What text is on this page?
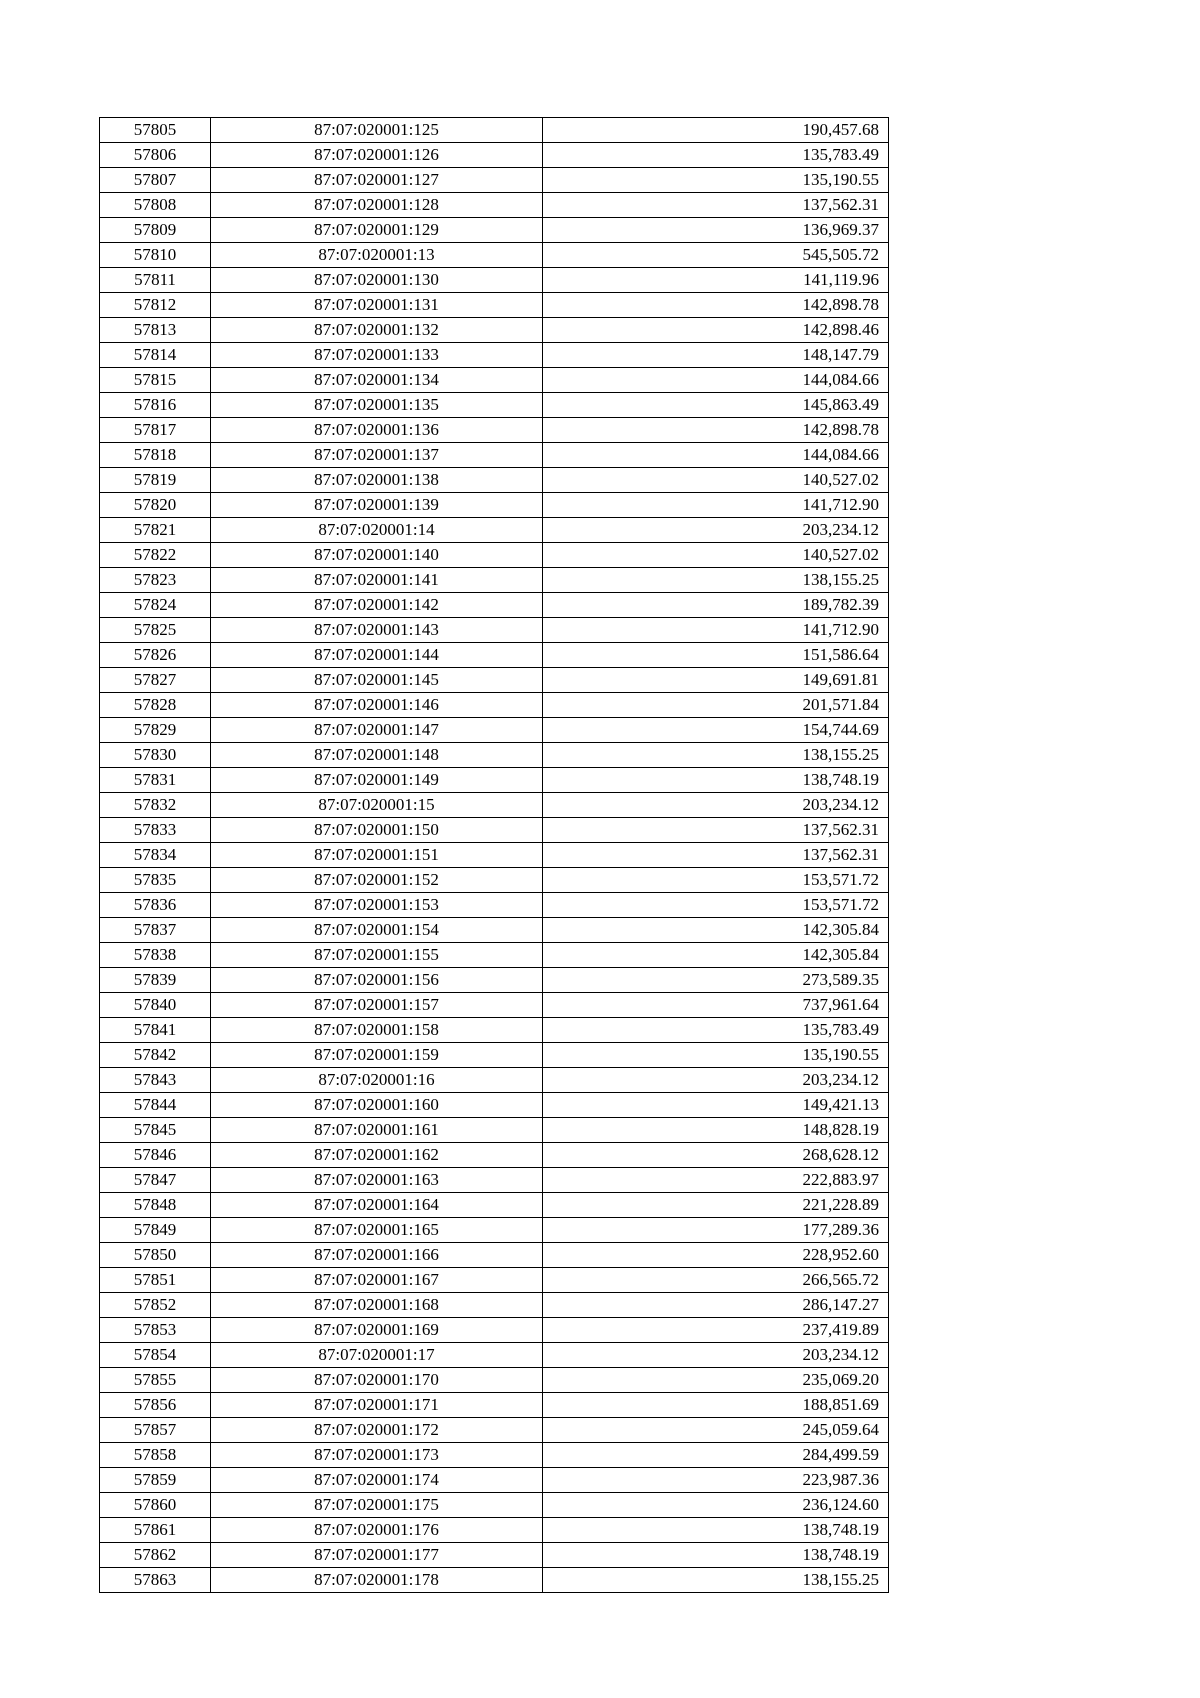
57805	87:07:020001:125	190,457.68
57806	87:07:020001:126	135,783.49
57807	87:07:020001:127	135,190.55
57808	87:07:020001:128	137,562.31
57809	87:07:020001:129	136,969.37
57810	87:07:020001:13	545,505.72
57811	87:07:020001:130	141,119.96
57812	87:07:020001:131	142,898.78
57813	87:07:020001:132	142,898.46
57814	87:07:020001:133	148,147.79
57815	87:07:020001:134	144,084.66
57816	87:07:020001:135	145,863.49
57817	87:07:020001:136	142,898.78
57818	87:07:020001:137	144,084.66
57819	87:07:020001:138	140,527.02
57820	87:07:020001:139	141,712.90
57821	87:07:020001:14	203,234.12
57822	87:07:020001:140	140,527.02
57823	87:07:020001:141	138,155.25
57824	87:07:020001:142	189,782.39
57825	87:07:020001:143	141,712.90
57826	87:07:020001:144	151,586.64
57827	87:07:020001:145	149,691.81
57828	87:07:020001:146	201,571.84
57829	87:07:020001:147	154,744.69
57830	87:07:020001:148	138,155.25
57831	87:07:020001:149	138,748.19
57832	87:07:020001:15	203,234.12
57833	87:07:020001:150	137,562.31
57834	87:07:020001:151	137,562.31
57835	87:07:020001:152	153,571.72
57836	87:07:020001:153	153,571.72
57837	87:07:020001:154	142,305.84
57838	87:07:020001:155	142,305.84
57839	87:07:020001:156	273,589.35
57840	87:07:020001:157	737,961.64
57841	87:07:020001:158	135,783.49
57842	87:07:020001:159	135,190.55
57843	87:07:020001:16	203,234.12
57844	87:07:020001:160	149,421.13
57845	87:07:020001:161	148,828.19
57846	87:07:020001:162	268,628.12
57847	87:07:020001:163	222,883.97
57848	87:07:020001:164	221,228.89
57849	87:07:020001:165	177,289.36
57850	87:07:020001:166	228,952.60
57851	87:07:020001:167	266,565.72
57852	87:07:020001:168	286,147.27
57853	87:07:020001:169	237,419.89
57854	87:07:020001:17	203,234.12
57855	87:07:020001:170	235,069.20
57856	87:07:020001:171	188,851.69
57857	87:07:020001:172	245,059.64
57858	87:07:020001:173	284,499.59
57859	87:07:020001:174	223,987.36
57860	87:07:020001:175	236,124.60
57861	87:07:020001:176	138,748.19
57862	87:07:020001:177	138,748.19
57863	87:07:020001:178	138,155.25
